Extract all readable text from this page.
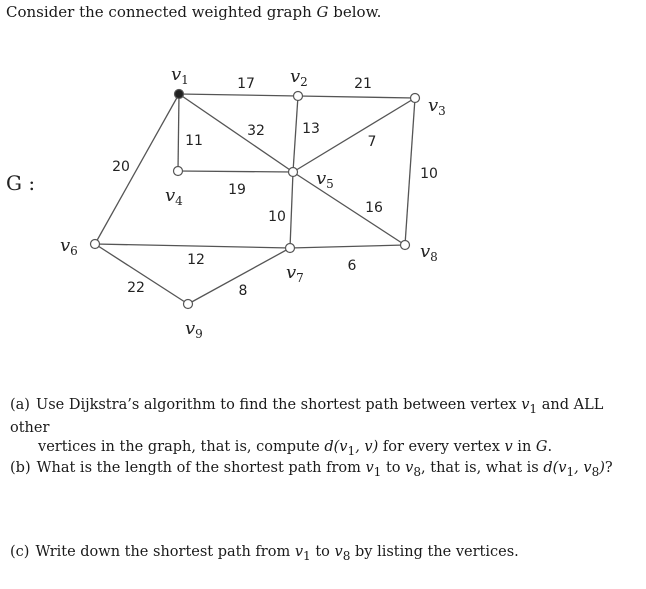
Consider the connected weighted graph G below.
17	21
11
20
32	13
7
10
19
10
16
12	6
22	8
$v_1$	$v_2$
$v_3$
$v_4$
$v_5$
$v_6$
$v_7$
$v_8$
$v_9$
G :
(a) Use Dijkstra’s algorithm to find the shortest path between vertex $v_1$ and ALL other
vertices in the graph, that is, compute $d(v_1$, v) for every vertex v in G.
(b) What is the length of the shortest path from $v_1$ to $v_8$, that is, what is $d(v_1$, $v_8$)?
(c) Write down the shortest path from $v_1$ to $v_8$ by listing the vertices.
